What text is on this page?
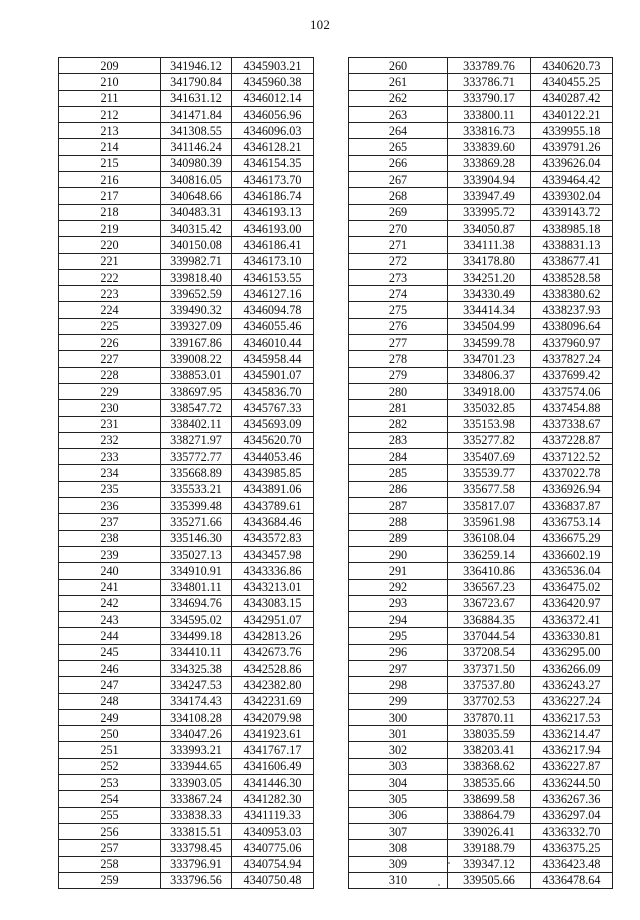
102
209	341946.12	4345903.21
210	341790.84	4345960.38
211	341631.12	4346012.14
212	341471.84	4346056.96
213	341308.55	4346096.03
214	341146.24	4346128.21
215	340980.39	4346154.35
216	340816.05	4346173.70
217	340648.66	4346186.74
218	340483.31	4346193.13
219	340315.42	4346193.00
220	340150.08	4346186.41
221	339982.71	4346173.10
222	339818.40	4346153.55
223	339652.59	4346127.16
224	339490.32	4346094.78
225	339327.09	4346055.46
226	339167.86	4346010.44
227	339008.22	4345958.44
228	338853.01	4345901.07
229	338697.95	4345836.70
230	338547.72	4345767.33
231	338402.11	4345693.09
232	338271.97	4345620.70
233	335772.77	4344053.46
234	335668.89	4343985.85
235	335533.21	4343891.06
236	335399.48	4343789.61
237	335271.66	4343684.46
238	335146.30	4343572.83
239	335027.13	4343457.98
240	334910.91	4343336.86
241	334801.11	4343213.01
242	334694.76	4343083.15
243	334595.02	4342951.07
244	334499.18	4342813.26
245	334410.11	4342673.76
246	334325.38	4342528.86
247	334247.53	4342382.80
248	334174.43	4342231.69
249	334108.28	4342079.98
250	334047.26	4341923.61
251	333993.21	4341767.17
252	333944.65	4341606.49
253	333903.05	4341446.30
254	333867.24	4341282.30
255	333838.33	4341119.33
256	333815.51	4340953.03
257	333798.45	4340775.06
258	333796.91	4340754.94
259	333796.56	4340750.48
260	333789.76	4340620.73
261	333786.71	4340455.25
262	333790.17	4340287.42
263	333800.11	4340122.21
264	333816.73	4339955.18
265	333839.60	4339791.26
266	333869.28	4339626.04
267	333904.94	4339464.42
268	333947.49	4339302.04
269	333995.72	4339143.72
270	334050.87	4338985.18
271	334111.38	4338831.13
272	334178.80	4338677.41
273	334251.20	4338528.58
274	334330.49	4338380.62
275	334414.34	4338237.93
276	334504.99	4338096.64
277	334599.78	4337960.97
278	334701.23	4337827.24
279	334806.37	4337699.42
280	334918.00	4337574.06
281	335032.85	4337454.88
282	335153.98	4337338.67
283	335277.82	4337228.87
284	335407.69	4337122.52
285	335539.77	4337022.78
286	335677.58	4336926.94
287	335817.07	4336837.87
288	335961.98	4336753.14
289	336108.04	4336675.29
290	336259.14	4336602.19
291	336410.86	4336536.04
292	336567.23	4336475.02
293	336723.67	4336420.97
294	336884.35	4336372.41
295	337044.54	4336330.81
296	337208.54	4336295.00
297	337371.50	4336266.09
298	337537.80	4336243.27
299	337702.53	4336227.24
300	337870.11	4336217.53
301	338035.59	4336214.47
302	338203.41	4336217.94
303	338368.62	4336227.87
304	338535.66	4336244.50
305	338699.58	4336267.36
306	338864.79	4336297.04
307	339026.41	4336332.70
308	339188.79	4336375.25
309	339347.12	4336423.48
310	339505.66	4336478.64
